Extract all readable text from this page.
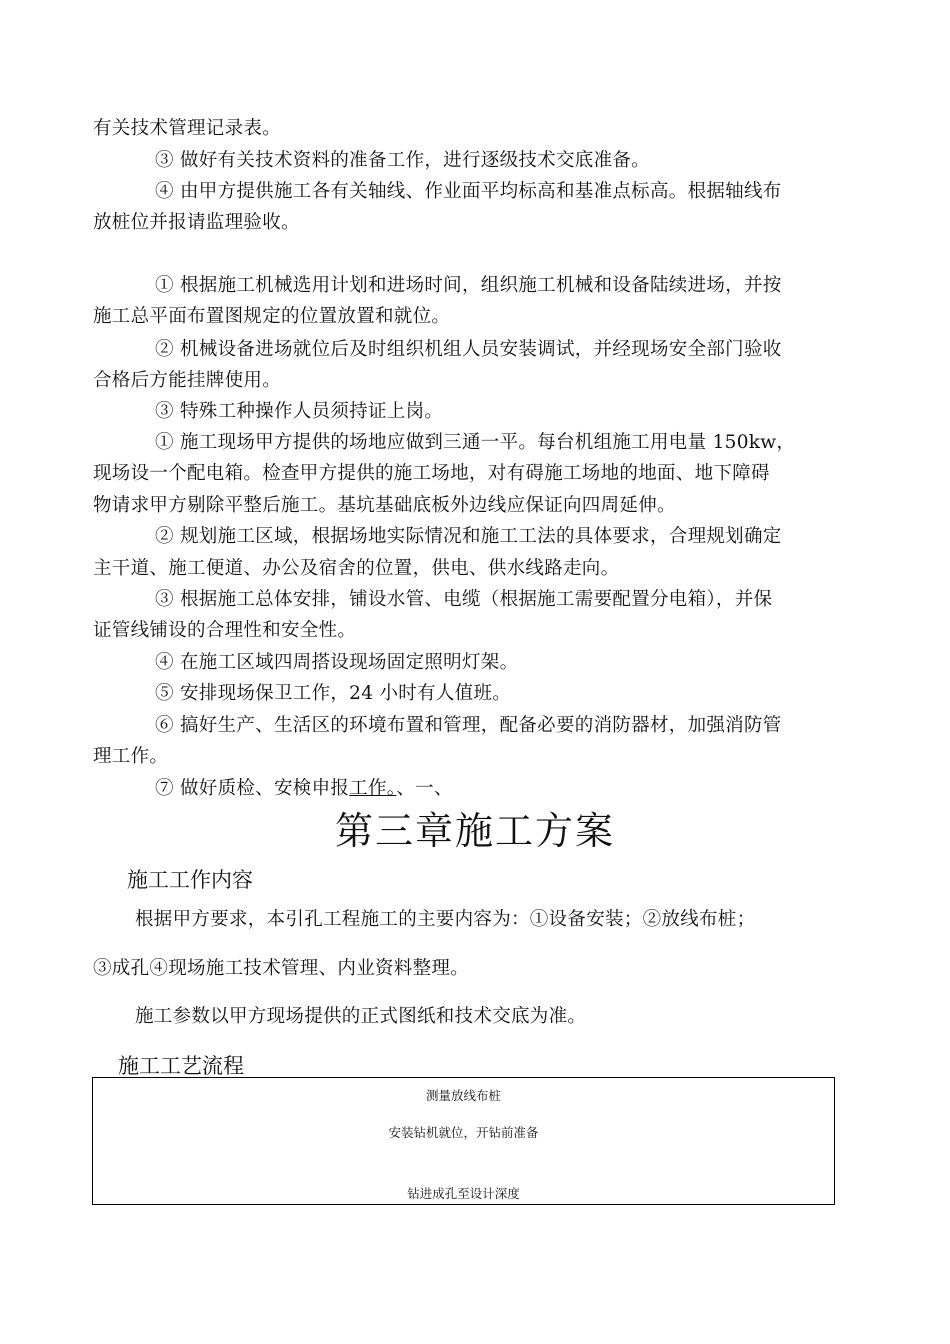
有关技术管理记录表。
③ 做好有关技术资料的准备工作，进行逐级技术交底准备。
④ 由甲方提供施工各有关轴线、作业面平均标高和基准点标高。根据轴线布
放桩位并报请监理验收。
① 根据施工机械选用计划和进场时间，组织施工机械和设备陆续进场，并按
施工总平面布置图规定的位置放置和就位。
② 机械设备进场就位后及时组织机组人员安装调试，并经现场安全部门验收
合格后方能挂牌使用。
③ 特殊工种操作人员须持证上岗。
① 施工现场甲方提供的场地应做到三通一平。每台机组施工用电量 150kw，
现场设一个配电箱。检查甲方提供的施工场地，对有碍施工场地的地面、地下障碍
物请求甲方剔除平整后施工。基坑基础底板外边线应保证向四周延伸。
② 规划施工区域，根据场地实际情况和施工工法的具体要求，合理规划确定
主干道、施工便道、办公及宿舍的位置，供电、供水线路走向。
③ 根据施工总体安排，铺设水管、电缆（根据施工需要配置分电箱），并保
证管线铺设的合理性和安全性。
④ 在施工区域四周搭设现场固定照明灯架。
⑤ 安排现场保卫工作，24 小时有人值班。
⑥ 搞好生产、生活区的环境布置和管理，配备必要的消防器材，加强消防管
理工作。
⑦ 做好质检、安検申报工作。、一、
第三章施工方案
施工工作内容
根据甲方要求，本引孔工程施工的主要内容为：①设备安装；②放线布桩；
③成孔④现场施工技术管理、内业资料整理。
施工参数以甲方现场提供的正式图纸和技术交底为准。
施工工艺流程
测量放线布桩
安装钻机就位，开钻前准备
钻进成孔至设计深度
